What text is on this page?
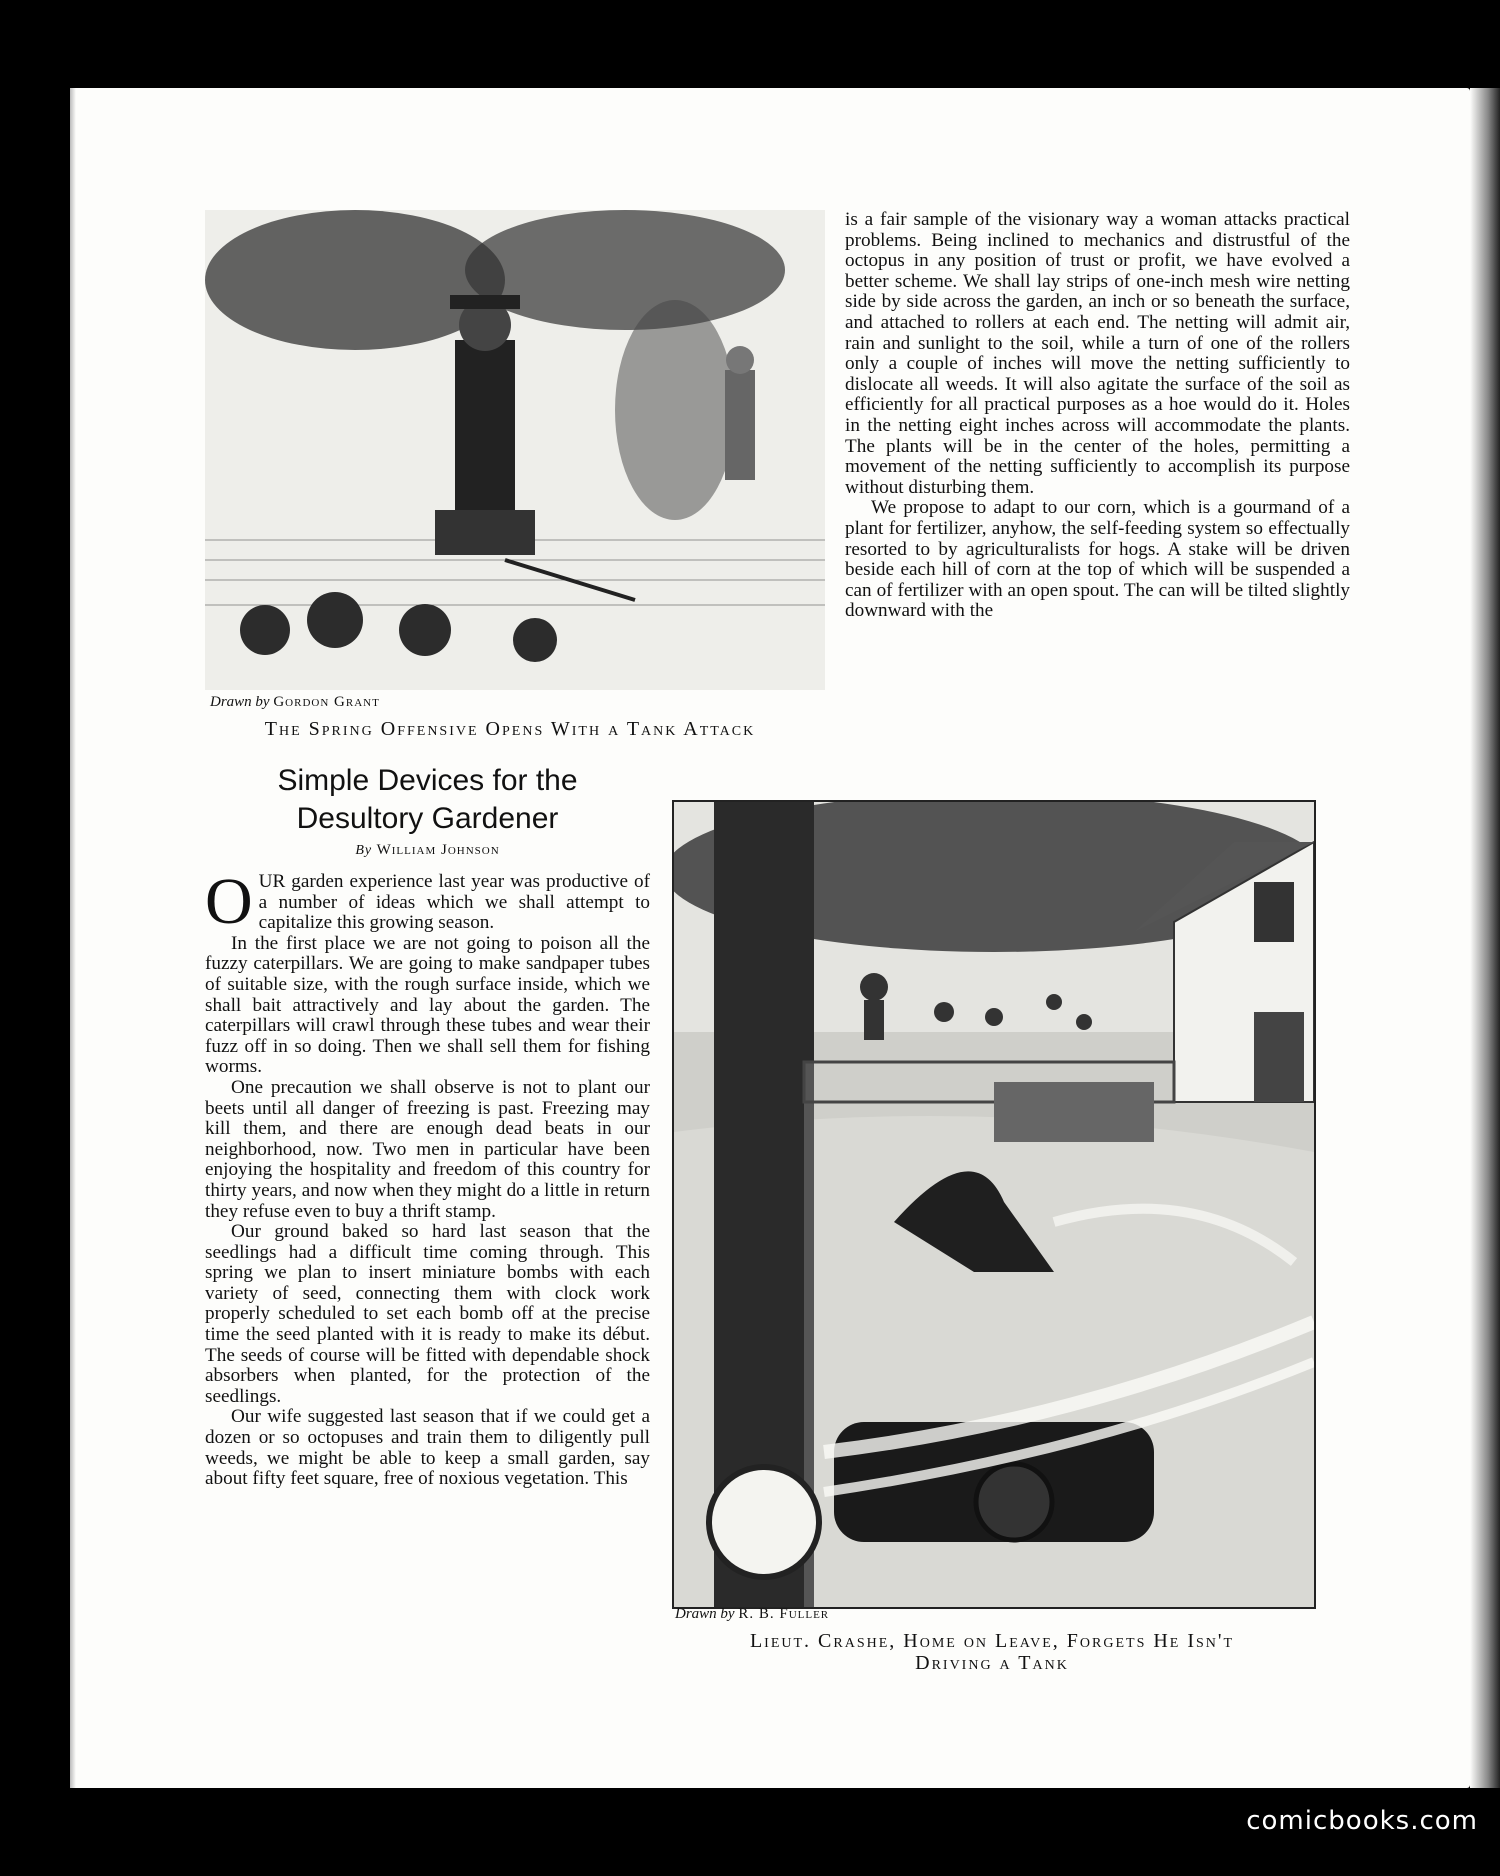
Drawn by Gordon Grant
The Spring Offensive Opens With a Tank Attack

is a fair sample of the visionary way a woman attacks practical problems. Being inclined to mechanics and distrustful of the octopus in any position of trust or profit, we have evolved a better scheme. We shall lay strips of one-inch mesh wire netting side by side across the garden, an inch or so beneath the surface, and attached to rollers at each end. The netting will admit air, rain and sunlight to the soil, while a turn of one of the rollers only a couple of inches will move the netting sufficiently to dislocate all weeds. It will also agitate the surface of the soil as efficiently for all practical purposes as a hoe would do it. Holes in the netting eight inches across will accommodate the plants. The plants will be in the center of the holes, permitting a movement of the netting sufficiently to accomplish its purpose without disturbing them.

We propose to adapt to our corn, which is a gourmand of a plant for fertilizer, anyhow, the self-feeding system so effectually resorted to by agriculturalists for hogs. A stake will be driven beside each hill of corn at the top of which will be suspended a can of fertilizer with an open spout. The can will be tilted slightly downward with the

Simple Devices for the
Desultory Gardener
By William Johnson

OUR garden experience last year was productive of a number of ideas which we shall attempt to capitalize this growing season.

In the first place we are not going to poison all the fuzzy caterpillars. We are going to make sandpaper tubes of suitable size, with the rough surface inside, which we shall bait attractively and lay about the garden. The caterpillars will crawl through these tubes and wear their fuzz off in so doing. Then we shall sell them for fishing worms.

One precaution we shall observe is not to plant our beets until all danger of freezing is past. Freezing may kill them, and there are enough dead beats in our neighborhood, now. Two men in particular have been enjoying the hospitality and freedom of this country for thirty years, and now when they might do a little in return they refuse even to buy a thrift stamp.

Our ground baked so hard last season that the seedlings had a difficult time coming through. This spring we plan to insert miniature bombs with each variety of seed, connecting them with clock work properly scheduled to set each bomb off at the precise time the seed planted with it is ready to make its début. The seeds of course will be fitted with dependable shock absorbers when planted, for the protection of the seedlings.

Our wife suggested last season that if we could get a dozen or so octopuses and train them to diligently pull weeds, we might be able to keep a small garden, say about fifty feet square, free of noxious vegetation. This

Drawn by R. B. Fuller
Lieut. Crashe, Home on Leave, Forgets He Isn't
Driving a Tank
comicbooks.com
